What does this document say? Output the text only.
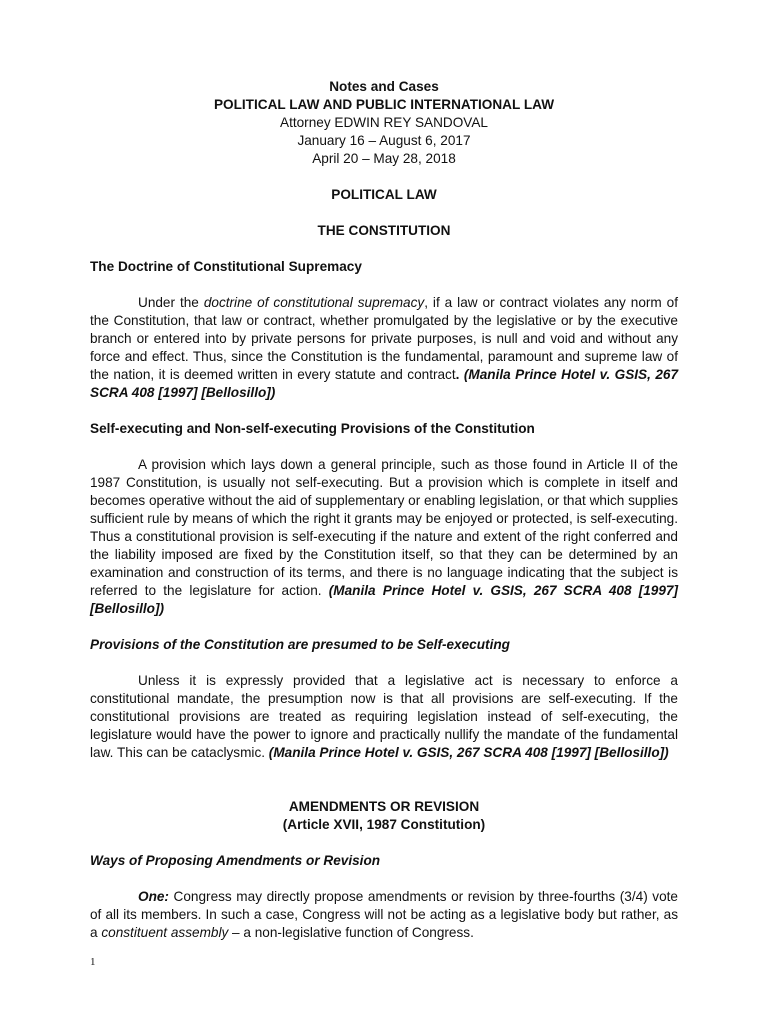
Notes and Cases
POLITICAL LAW AND PUBLIC INTERNATIONAL LAW
Attorney EDWIN REY SANDOVAL
January 16 – August 6, 2017
April 20 – May 28, 2018
POLITICAL LAW
THE CONSTITUTION
The Doctrine of Constitutional Supremacy

Under the doctrine of constitutional supremacy, if a law or contract violates any norm of the Constitution, that law or contract, whether promulgated by the legislative or by the executive branch or entered into by private persons for private purposes, is null and void and without any force and effect. Thus, since the Constitution is the fundamental, paramount and supreme law of the nation, it is deemed written in every statute and contract. (Manila Prince Hotel v. GSIS, 267 SCRA 408 [1997] [Bellosillo])

Self-executing and Non-self-executing Provisions of the Constitution

A provision which lays down a general principle, such as those found in Article II of the 1987 Constitution, is usually not self-executing. But a provision which is complete in itself and becomes operative without the aid of supplementary or enabling legislation, or that which supplies sufficient rule by means of which the right it grants may be enjoyed or protected, is self-executing. Thus a constitutional provision is self-executing if the nature and extent of the right conferred and the liability imposed are fixed by the Constitution itself, so that they can be determined by an examination and construction of its terms, and there is no language indicating that the subject is referred to the legislature for action. (Manila Prince Hotel v. GSIS, 267 SCRA 408 [1997] [Bellosillo])

Provisions of the Constitution are presumed to be Self-executing

Unless it is expressly provided that a legislative act is necessary to enforce a constitutional mandate, the presumption now is that all provisions are self-executing. If the constitutional provisions are treated as requiring legislation instead of self-executing, the legislature would have the power to ignore and practically nullify the mandate of the fundamental law. This can be cataclysmic. (Manila Prince Hotel v. GSIS, 267 SCRA 408 [1997] [Bellosillo])

AMENDMENTS OR REVISION
(Article XVII, 1987 Constitution)
Ways of Proposing Amendments or Revision

One: Congress may directly propose amendments or revision by three-fourths (3/4) vote of all its members. In such a case, Congress will not be acting as a legislative body but rather, as a constituent assembly – a non-legislative function of Congress.

1
